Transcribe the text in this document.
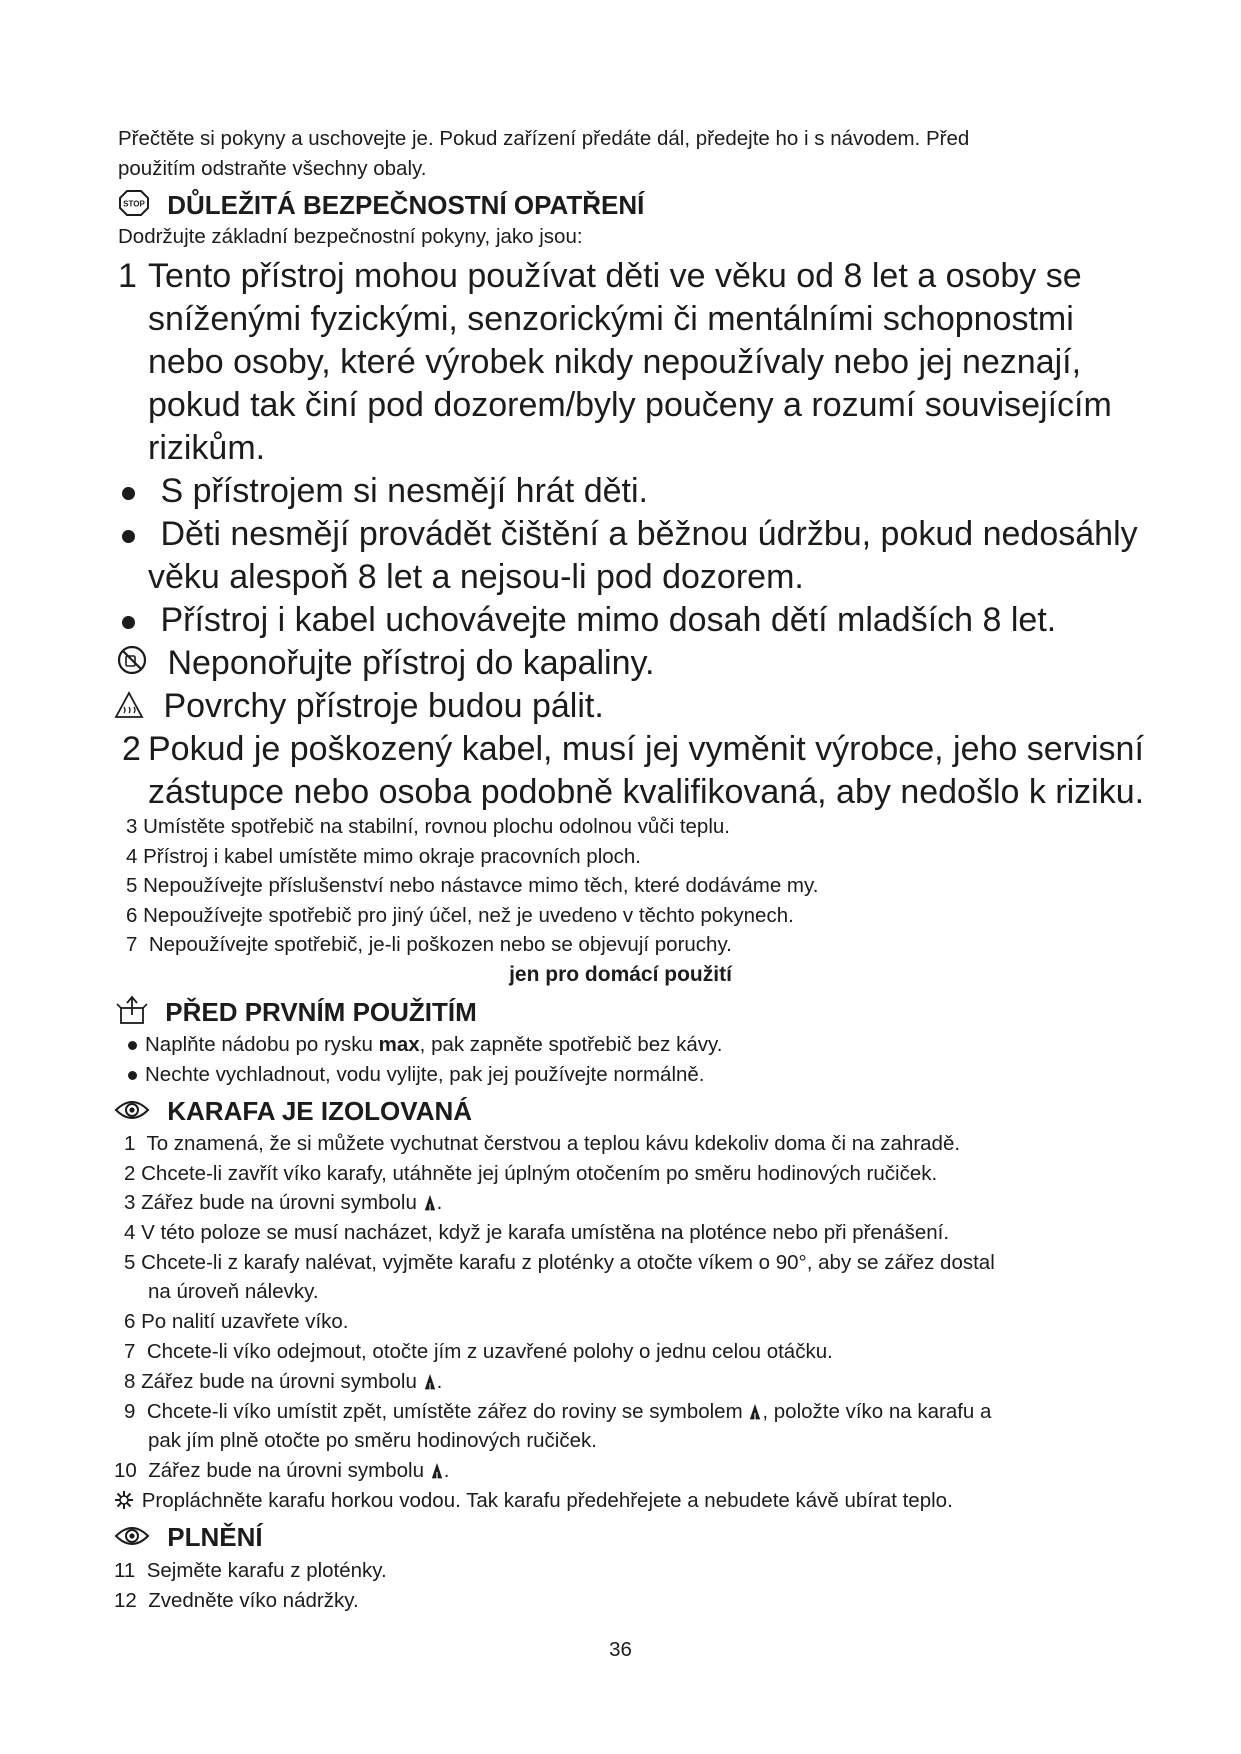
Přečtěte si pokyny a uschovejte je. Pokud zařízení předáte dál, předejte ho i s návodem. Před
použitím odstraňte všechny obaly.
STOP DŮLEŽITÁ BEZPEČNOSTNÍ OPATŘENÍ
Dodržujte základní bezpečnostní pokyny, jako jsou:
1 Tento přístroj mohou používat děti ve věku od 8 let a osoby se
sníženými fyzickými, senzorickými či mentálními schopnostmi
nebo osoby, které výrobek nikdy nepoužívaly nebo jej neznají,
pokud tak činí pod dozorem/byly poučeny a rozumí souvisejícím
rizikům.
S přístrojem si nesmějí hrát děti.
Děti nesmějí provádět čištění a běžnou údržbu, pokud nedosáhly
věku alespoň 8 let a nejsou-li pod dozorem.
Přístroj i kabel uchovávejte mimo dosah dětí mladších 8 let.
Neponořujte přístroj do kapaliny.
Povrchy přístroje budou pálit.
2 Pokud je poškozený kabel, musí jej vyměnit výrobce, jeho servisní
zástupce nebo osoba podobně kvalifikovaná, aby nedošlo k riziku.
3 Umístěte spotřebič na stabilní, rovnou plochu odolnou vůči teplu.
4 Přístroj i kabel umístěte mimo okraje pracovních ploch.
5 Nepoužívejte příslušenství nebo nástavce mimo těch, které dodáváme my.
6 Nepoužívejte spotřebič pro jiný účel, než je uvedeno v těchto pokynech.
7 Nepoužívejte spotřebič, je-li poškozen nebo se objevují poruchy.
jen pro domácí použití
PŘED PRVNÍM POUŽITÍM
Naplňte nádobu po rysku max, pak zapněte spotřebič bez kávy.
Nechte vychladnout, vodu vylijte, pak jej používejte normálně.
KARAFA JE IZOLOVANÁ
1 To znamená, že si můžete vychutnat čerstvou a teplou kávu kdekoliv doma či na zahradě.
2 Chcete-li zavřít víko karafy, utáhněte jej úplným otočením po směru hodinových ručiček.
3 Zářez bude na úrovni symbolu .
4 V této poloze se musí nacházet, když je karafa umístěna na ploténce nebo při přenášení.
5 Chcete-li z karafy nalévat, vyjměte karafu z ploténky a otočte víkem o 90°, aby se zářez dostal
na úroveň nálevky.
6 Po nalití uzavřete víko.
7 Chcete-li víko odejmout, otočte jím z uzavřené polohy o jednu celou otáčku.
8 Zářez bude na úrovni symbolu .
9 Chcete-li víko umístit zpět, umístěte zářez do roviny se symbolem , položte víko na karafu a
pak jím plně otočte po směru hodinových ručiček.
10 Zářez bude na úrovni symbolu .
Propláchněte karafu horkou vodou. Tak karafu předehřejete a nebudete kávě ubírat teplo.
PLNĚNÍ
11 Sejměte karafu z ploténky.
12 Zvedněte víko nádržky.
36
